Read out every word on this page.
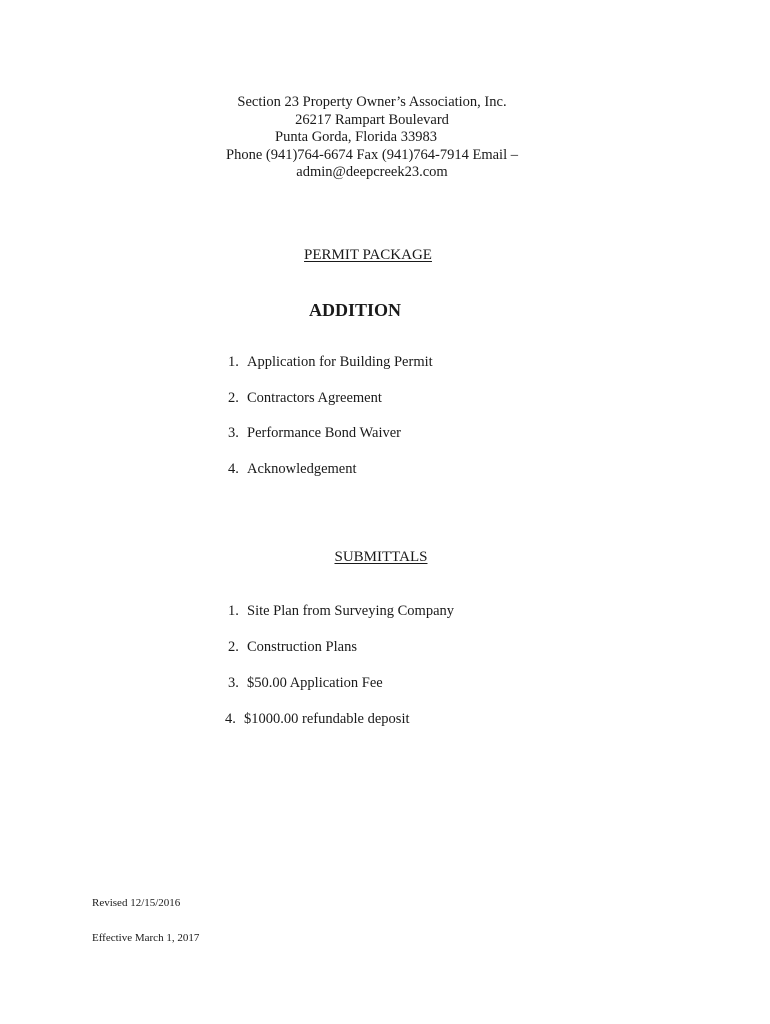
Section 23 Property Owner’s Association, Inc.
26217 Rampart Boulevard
Punta Gorda, Florida 33983
Phone (941)764-6674 Fax (941)764-7914 Email –
admin@deepcreek23.com
PERMIT PACKAGE
ADDITION
1. Application for Building Permit
2. Contractors Agreement
3. Performance Bond Waiver
4. Acknowledgement
SUBMITTALS
1. Site Plan from Surveying Company
2. Construction Plans
3. $50.00 Application Fee
4. $1000.00 refundable deposit
Revised 12/15/2016
Effective March 1, 2017
